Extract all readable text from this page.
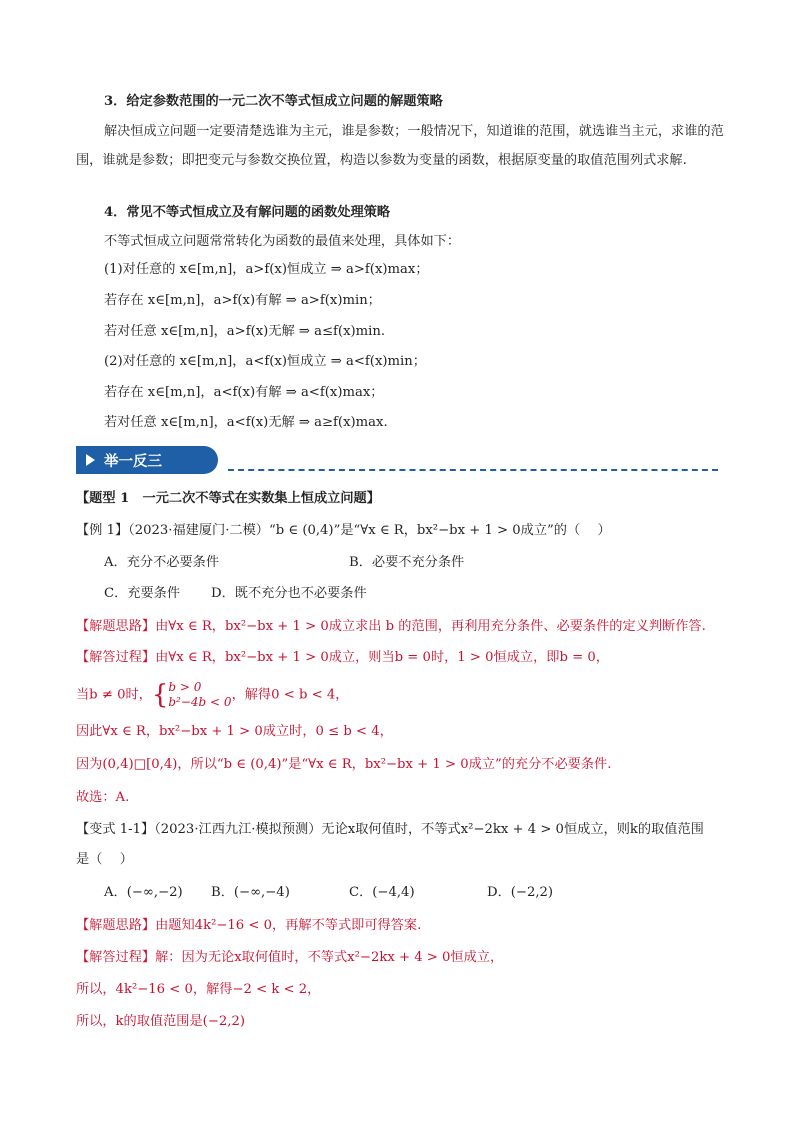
3．给定参数范围的一元二次不等式恒成立问题的解题策略
解决恒成立问题一定要清楚选谁为主元，谁是参数；一般情况下，知道谁的范围，就选谁当主元，求谁的范围，谁就是参数；即把变元与参数交换位置，构造以参数为变量的函数，根据原变量的取值范围列式求解.
4．常见不等式恒成立及有解问题的函数处理策略
不等式恒成立问题常常转化为函数的最值来处理，具体如下：
(1)对任意的 x∈[m,n]，a>f(x)恒成立 ⇒ a>f(x)max；
若存在 x∈[m,n]，a>f(x)有解 ⇒ a>f(x)min；
若对任意 x∈[m,n]，a>f(x)无解 ⇒ a≤f(x)min.
(2)对任意的 x∈[m,n]，a<f(x)恒成立 ⇒ a<f(x)min；
若存在 x∈[m,n]，a<f(x)有解 ⇒ a<f(x)max；
若对任意 x∈[m,n]，a<f(x)无解 ⇒ a≥f(x)max.
举一反三
【题型 1　一元二次不等式在实数集上恒成立问题】
【例 1】（2023·福建厦门·二模）“b ∈ (0,4)”是“∀x ∈ R，bx²−bx + 1 > 0成立”的（　 ）
A．充分不必要条件	B．必要不充分条件
C．充要条件 D．既不充分也不必要条件
【解题思路】由∀x ∈ R，bx²−bx + 1 > 0成立求出 b 的范围，再利用充分条件、必要条件的定义判断作答.
【解答过程】由∀x ∈ R，bx²−bx + 1 > 0成立，则当b = 0时，1 > 0恒成立，即b = 0，
当b ≠ 0时，{ b > 0
b²−4b < 0 ，解得0 < b < 4，
因此∀x ∈ R，bx²−bx + 1 > 0成立时，0 ≤ b < 4，
因为(0,4)□[0,4)，所以“b ∈ (0,4)”是“∀x ∈ R，bx²−bx + 1 > 0成立”的充分不必要条件.
故选：A.
【变式 1-1】（2023·江西九江·模拟预测）无论x取何值时，不等式x²−2kx + 4 > 0恒成立，则k的取值范围
是（　 ）
A．(−∞,−2) B．(−∞,−4)	C．(−4,4)	D．(−2,2)
【解题思路】由题知4k²−16 < 0，再解不等式即可得答案.
【解答过程】解：因为无论x取何值时，不等式x²−2kx + 4 > 0恒成立，
所以，4k²−16 < 0，解得−2 < k < 2，
所以，k的取值范围是(−2,2)
